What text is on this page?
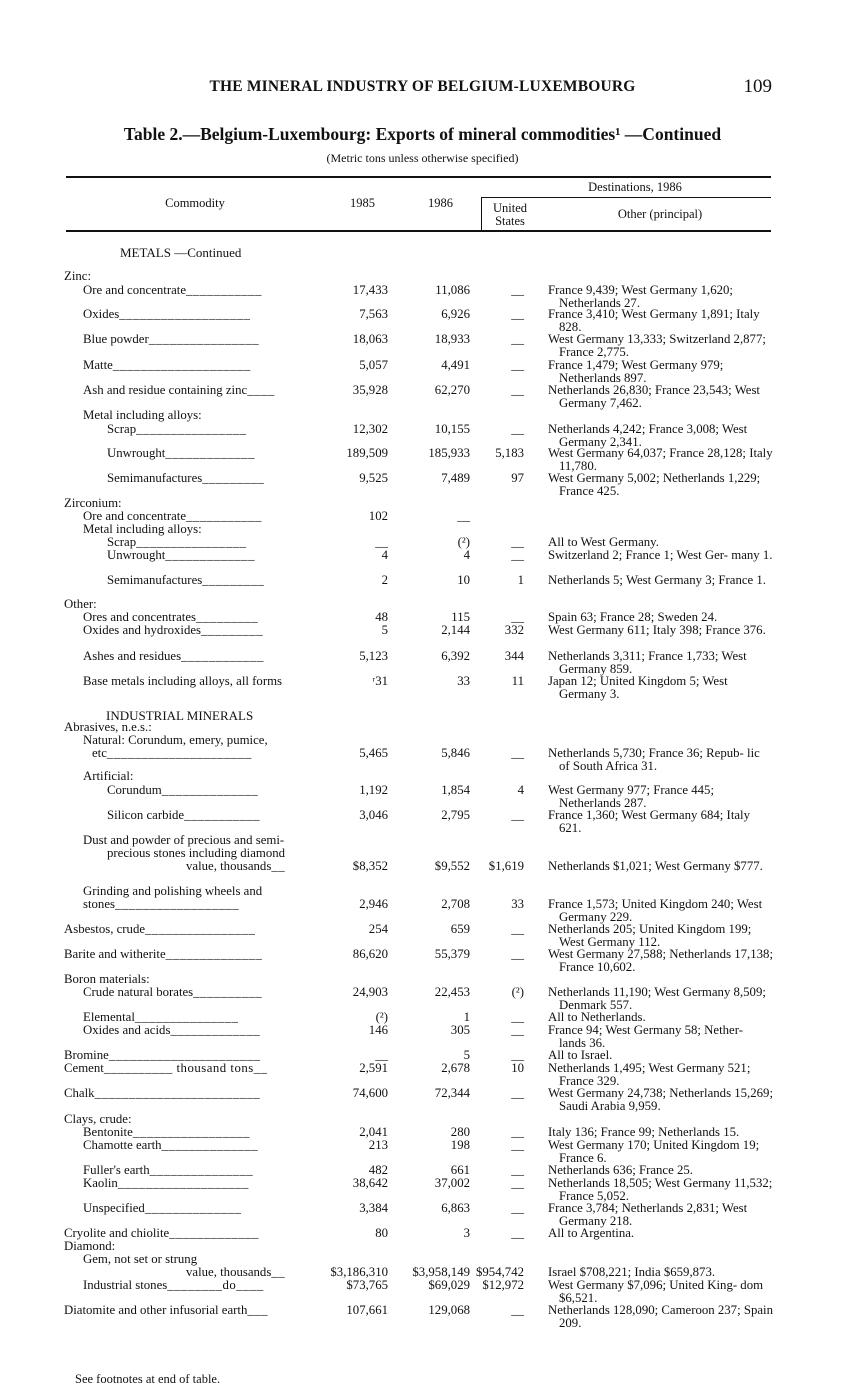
THE MINERAL INDUSTRY OF BELGIUM-LUXEMBOURG	109
Table 2.—Belgium-Luxembourg: Exports of mineral commodities¹ —Continued
(Metric tons unless otherwise specified)
Commodity	1985	1986
Destinations, 1986
United
States	Other (principal)
METALS —Continued
Zinc:
Ore and concentrate___________	17,433	11,086	__ France 9,439; West Germany 1,620; Netherlands 27.
Oxides___________________	7,563	6,926	__ France 3,410; West Germany 1,891; Italy 828.
Blue powder________________	18,063	18,933	__ West Germany 13,333; Switzerland 2,877; France 2,775.
Matte____________________	5,057	4,491	__ France 1,479; West Germany 979; Netherlands 897.
Ash and residue containing zinc____	35,928	62,270	__ Netherlands 26,830; France 23,543; West Germany 7,462.
Metal including alloys:
Scrap________________	12,302	10,155	__ Netherlands 4,242; France 3,008; West Germany 2,341.
Unwrought_____________	189,509	185,933 5,183 West Germany 64,037; France 28,128; Italy 11,780.
Semimanufactures_________	9,525	7,489	97 West Germany 5,002; Netherlands 1,229; France 425.
Zirconium:
Ore and concentrate___________	102	__
Metal including alloys:
Scrap________________	__	(²)	__ All to West Germany.
Unwrought_____________	4	4	__ Switzerland 2; France 1; West Ger- many 1.
Semimanufactures_________	2	10	1 Netherlands 5; West Germany 3; France 1.
Other:
Ores and concentrates_________	48	115	__ Spain 63; France 28; Sweden 24.
Oxides and hydroxides_________	5	2,144	332 West Germany 611; Italy 398; France 376.
Ashes and residues____________	5,123	6,392	344 Netherlands 3,311; France 1,733; West Germany 859.
Base metals including alloys, all forms	ʳ31	33	11 Japan 12; United Kingdom 5; West Germany 3.
INDUSTRIAL MINERALS
Abrasives, n.e.s.:
Natural: Corundum, emery, pumice,
etc_____________________	5,465	5,846	__ Netherlands 5,730; France 36; Repub- lic of South Africa 31.
Artificial:
Corundum______________	1,192	1,854	4 West Germany 977; France 445; Netherlands 287.
Silicon carbide___________	3,046	2,795	__ France 1,360; West Germany 684; Italy 621.
Dust and powder of precious and semi-
precious stones including diamond
value, thousands__	$8,352	$9,552 $1,619 Netherlands $1,021; West Germany $777.
Grinding and polishing wheels and
stones__________________	2,946	2,708	33 France 1,573; United Kingdom 240; West Germany 229.
Asbestos, crude________________	254	659	__ Netherlands 205; United Kingdom 199; West Germany 112.
Barite and witherite______________	86,620	55,379	__ West Germany 27,588; Netherlands 17,138; France 10,602.
Boron materials:
Crude natural borates__________	24,903	22,453	(²) Netherlands 11,190; West Germany 8,509; Denmark 557.
Elemental_______________	(²)	1	__ All to Netherlands.
Oxides and acids_____________	146	305	__ France 94; West Germany 58; Nether- lands 36.
Bromine______________________	__	5	__ All to Israel.
Cement__________ thousand tons__	2,591	2,678	10 Netherlands 1,495; West Germany 521; France 329.
Chalk________________________	74,600	72,344	__ West Germany 24,738; Netherlands 15,269; Saudi Arabia 9,959.
Clays, crude:
Bentonite_________________	2,041	280	__ Italy 136; France 99; Netherlands 15.
Chamotte earth______________	213	198	__ West Germany 170; United Kingdom 19; France 6.
Fuller's earth_______________	482	661	__ Netherlands 636; France 25.
Kaolin___________________	38,642	37,002	__ Netherlands 18,505; West Germany 11,532; France 5,052.
Unspecified______________	3,384	6,863	__ France 3,784; Netherlands 2,831; West Germany 218.
Cryolite and chiolite_____________	80	3	__ All to Argentina.
Diamond:
Gem, not set or strung
value, thousands__	$3,186,310 $3,958,149 $954,742 Israel $708,221; India $659,873.
Industrial stones________do____	$73,765	$69,029 $12,972 West Germany $7,096; United King- dom $6,521.
Diatomite and other infusorial earth___	107,661	129,068	__ Netherlands 128,090; Cameroon 237; Spain 209.
See footnotes at end of table.
